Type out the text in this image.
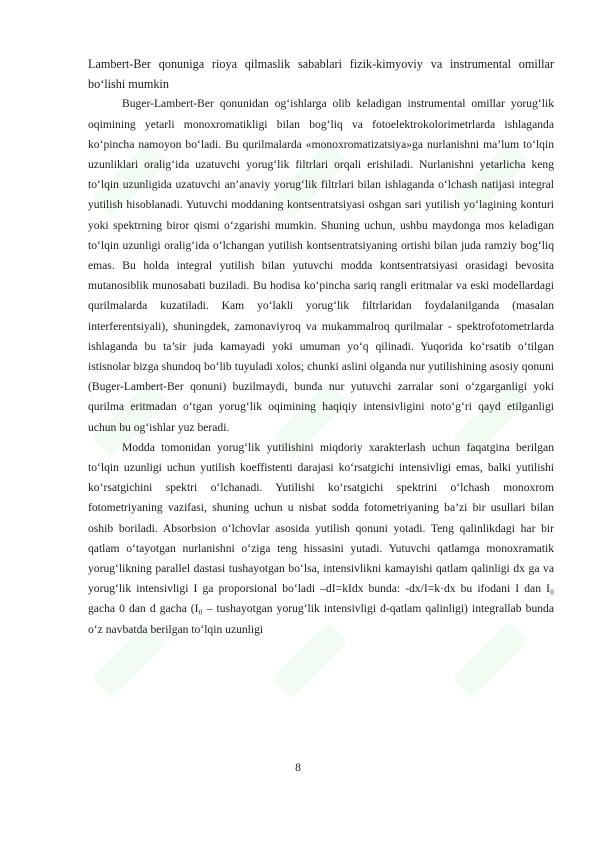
Lambert-Ber qonuniga rioya qilmaslik sabablari fizik-kimyoviy va instrumental omillar bo‘lishi mumkin

Buger-Lambert-Ber qonunidan og‘ishlarga olib keladigan instrumental omillar yorug‘lik oqimining yetarli monoxromatikligi bilan bog‘liq va fotoelektrokolorimetrlarda ishlaganda ko‘pincha namoyon bo‘ladi. Bu qurilmalarda «monoxromatizatsiya»ga nurlanishni ma’lum to‘lqin uzunliklari oralig‘ida uzatuvchi yorug‘lik filtrlari orqali erishiladi. Nurlanishni yetarlicha keng to‘lqin uzunligida uzatuvchi an’anaviy yorug‘lik filtrlari bilan ishlaganda o‘lchash natijasi integral yutilish hisoblanadi. Yutuvchi moddaning kontsentratsiyasi oshgan sari yutilish yo‘lagining konturi yoki spektrning biror qismi o‘zgarishi mumkin. Shuning uchun, ushbu maydonga mos keladigan to‘lqin uzunligi oralig‘ida o‘lchangan yutilish kontsentratsiyaning ortishi bilan juda ramziy bog‘liq emas. Bu holda integral yutilish bilan yutuvchi modda kontsentratsiyasi orasidagi bevosita mutanosiblik munosabati buziladi. Bu hodisa ko‘pincha sariq rangli eritmalar va eski modellardagi qurilmalarda kuzatiladi. Kam yo‘lakli yorug‘lik filtrlaridan foydalanilganda (masalan interferentsiyali), shuningdek, zamonaviyroq va mukammalroq qurilmalar - spektrofotometrlarda ishlaganda bu ta’sir juda kamayadi yoki umuman yo‘q qilinadi. Yuqorida ko‘rsatib o‘tilgan istisnolar bizga shundoq bo‘lib tuyuladi xolos; chunki aslini olganda nur yutilishining asosiy qonuni (Buger-Lambert-Ber qonuni) buzilmaydi, bunda nur yutuvchi zarralar soni o‘zgarganligi yoki qurilma eritmadan o‘tgan yorug‘lik oqimining haqiqiy intensivligini noto‘g‘ri qayd etilganligi uchun bu og‘ishlar yuz beradi.

Modda tomonidan yorug‘lik yutilishini miqdoriy xarakterlash uchun faqatgina berilgan to‘lqin uzunligi uchun yutilish koeffistenti darajasi ko‘rsatgichi intensivligi emas, balki yutilishi ko‘rsatgichini spektri o‘lchanadi. Yutilishi ko‘rsatgichi spektrini o‘lchash monoxrom fotometriyaning vazifasi, shuning uchun u nisbat sodda fotometriyaning ba’zi bir usullari bilan oshib boriladi. Absorbsion o‘lchovlar asosida yutilish qonuni yotadi. Teng qalinlikdagi har bir qatlam o‘tayotgan nurlanishni o‘ziga teng hissasini yutadi. Yutuvchi qatlamga monoxramatik yorug‘likning parallel dastasi tushayotgan bo‘lsa, intensivlikni kamayishi qatlam qalinligi dx ga va yorug‘lik intensivligi I ga proporsional bo‘ladi –dI=kIdx bunda: -dx/I=k·dx bu ifodani I dan I₀ gacha 0 dan d gacha (I₀ – tushayotgan yorug‘lik intensivligi d-qatlam qalinligi) integrallab bunda o‘z navbatda berilgan to‘lqin uzunligi

8
